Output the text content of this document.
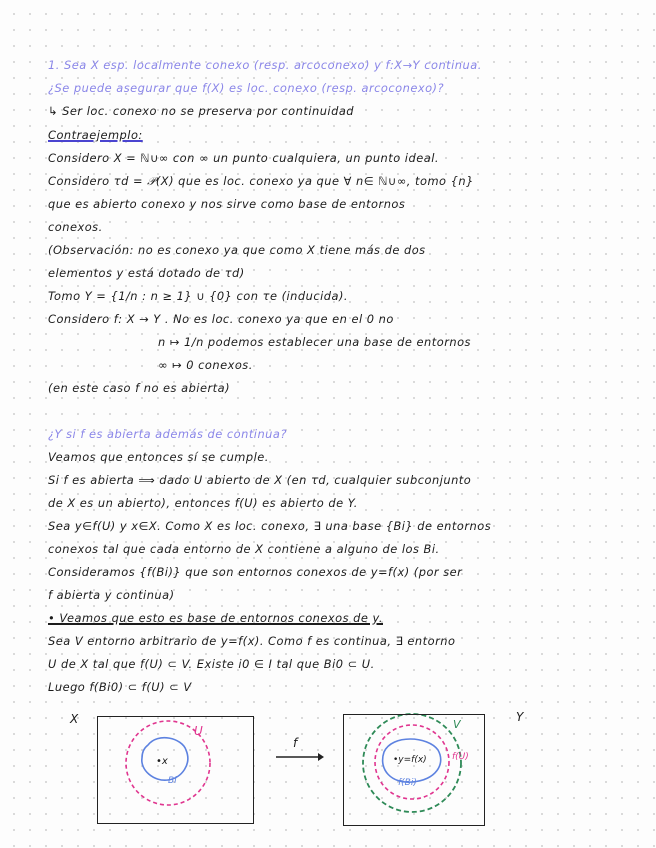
1. Sea X esp. localmente conexo (resp. arcoconexo) y f:X→Y continua.
¿Se puede asegurar que f(X) es loc. conexo (resp. arcoconexo)?
↳ Ser loc. conexo no se preserva por continuidad
Contraejemplo:
Considero X = ℕ∪∞ con ∞ un punto cualquiera, un punto ideal.
Considero τd = 𝒫(X) que es loc. conexo ya que ∀ n∈ ℕ∪∞, tomo {n}
que es abierto conexo y nos sirve como base de entornos
conexos.
(Observación: no es conexo ya que como X tiene más de dos
elementos y está dotado de τd)
Tomo Y = {1/n : n ≥ 1} ∪ {0} con τe (inducida).
Considero f: X → Y . No es loc. conexo ya que en el 0 no
n ↦ 1/n podemos establecer una base de entornos
∞ ↦ 0 conexos.
(en este caso f no es abierta)
¿Y si f es abierta además de continua?
Veamos que entonces sí se cumple.
Si f es abierta ⟹ dado U abierto de X (en τd, cualquier subconjunto
de X es un abierto), entonces f(U) es abierto de Y.
Sea y∈f(U) y x∈X. Como X es loc. conexo, ∃ una base {Bi} de entornos
conexos tal que cada entorno de X contiene a alguno de los Bi.
Consideramos {f(Bi)} que son entornos conexos de y=f(x) (por ser
f abierta y continua)
• Veamos que esto es base de entornos conexos de y.
Sea V entorno arbitrario de y=f(x). Como f es continua, ∃ entorno
U de X tal que f(U) ⊂ V. Existe i0 ∈ I tal que Bi0 ⊂ U.
Luego f(Bi0) ⊂ f(U) ⊂ V
X
U
•x
Bi
f
Y
V
•y=f(x)	f(U)
f(Bi)
